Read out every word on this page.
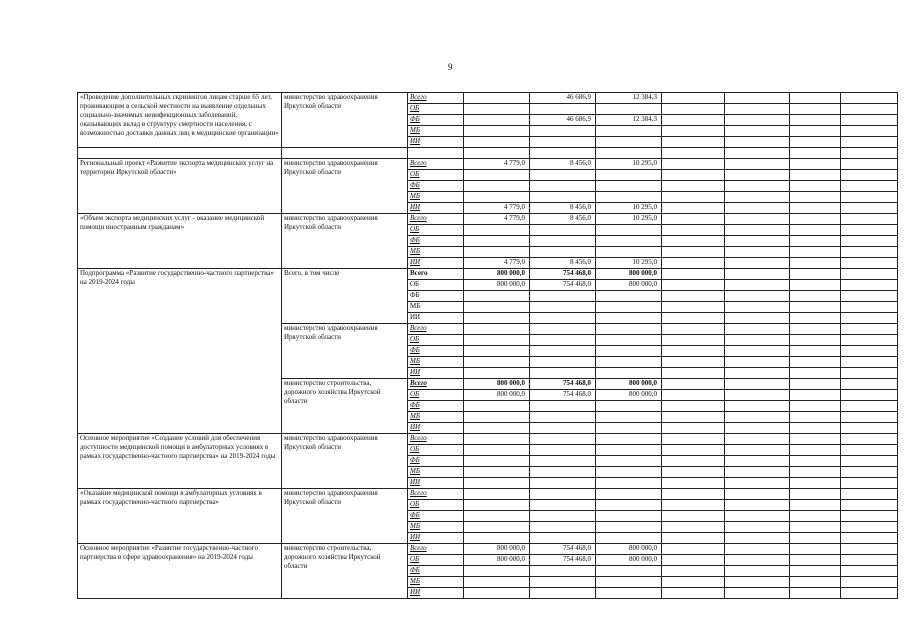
9
«Проведение дополнительных скринингов лицам старше 65 лет, проживающим в сельской местности на выявление отдельных социально-значимых неинфекционных заболеваний, оказывающих вклад в структуру смертности населения, с возможностью доставки данных лиц в медицинские организации»	министерство здравоохранения Иркутской области	Всего		46 686,9	12 384,3				
		ОБ							
		ФБ		46 686,9	12 384,3				
		МБ							
		ИИ							

Региональный проект «Развитие экспорта медицинских услуг на территории Иркутской области»	министерство здравоохранения Иркутской области	Всего	4 779,0	8 456,0	10 295,0				
		ОБ							
		ФБ							
		МБ							
		ИИ	4 779,0	8 456,0	10 295,0				
«Объем экспорта медицинских услуг - оказание медицинской помощи иностранным гражданам»	министерство здравоохранения Иркутской области	Всего	4 779,0	8 456,0	10 295,0				
		ОБ							
		ФБ							
		МБ							
		ИИ	4 779,0	8 456,0	10 295,0				
Подпрограмма «Развитие государственно-частного партнерства» на 2019-2024 годы	Всего, в том числе	Всего	800 000,0	754 468,0	800 000,0				
		ОБ	800 000,0	754 468,0	800 000,0				
		ФБ							
		МБ							
		ИИ							
	министерство здравоохранения Иркутской области	Всего							
		ОБ							
		ФБ							
		МБ							
		ИИ							
	министерство строительства, дорожного хозяйства Иркутской области	Всего	800 000,0	754 468,0	800 000,0				
		ОБ	800 000,0	754 468,0	800 000,0				
		ФБ							
		МБ							
		ИИ							
Основное мероприятие «Создание условий для обеспечения доступности медицинской помощи в амбулаторных условиях в рамках государственно-частного партнерства» на 2019-2024 годы	министерство здравоохранения Иркутской области	Всего							
		ОБ							
		ФБ							
		МБ							
		ИИ							
«Оказание медицинской помощи в амбулаторных условиях в рамках государственно-частного партнерства»	министерство здравоохранения Иркутской области	Всего							
		ОБ							
		ФБ							
		МБ							
		ИИ							
Основное мероприятие «Развитие государственно-частного партнерства в сфере здравоохранения» на 2019-2024 годы	министерство строительства, дорожного хозяйства Иркутской области	Всего	800 000,0	754 468,0	800 000,0				
		ОБ	800 000,0	754 468,0	800 000,0				
		ФБ							
		МБ							
		ИИ							
